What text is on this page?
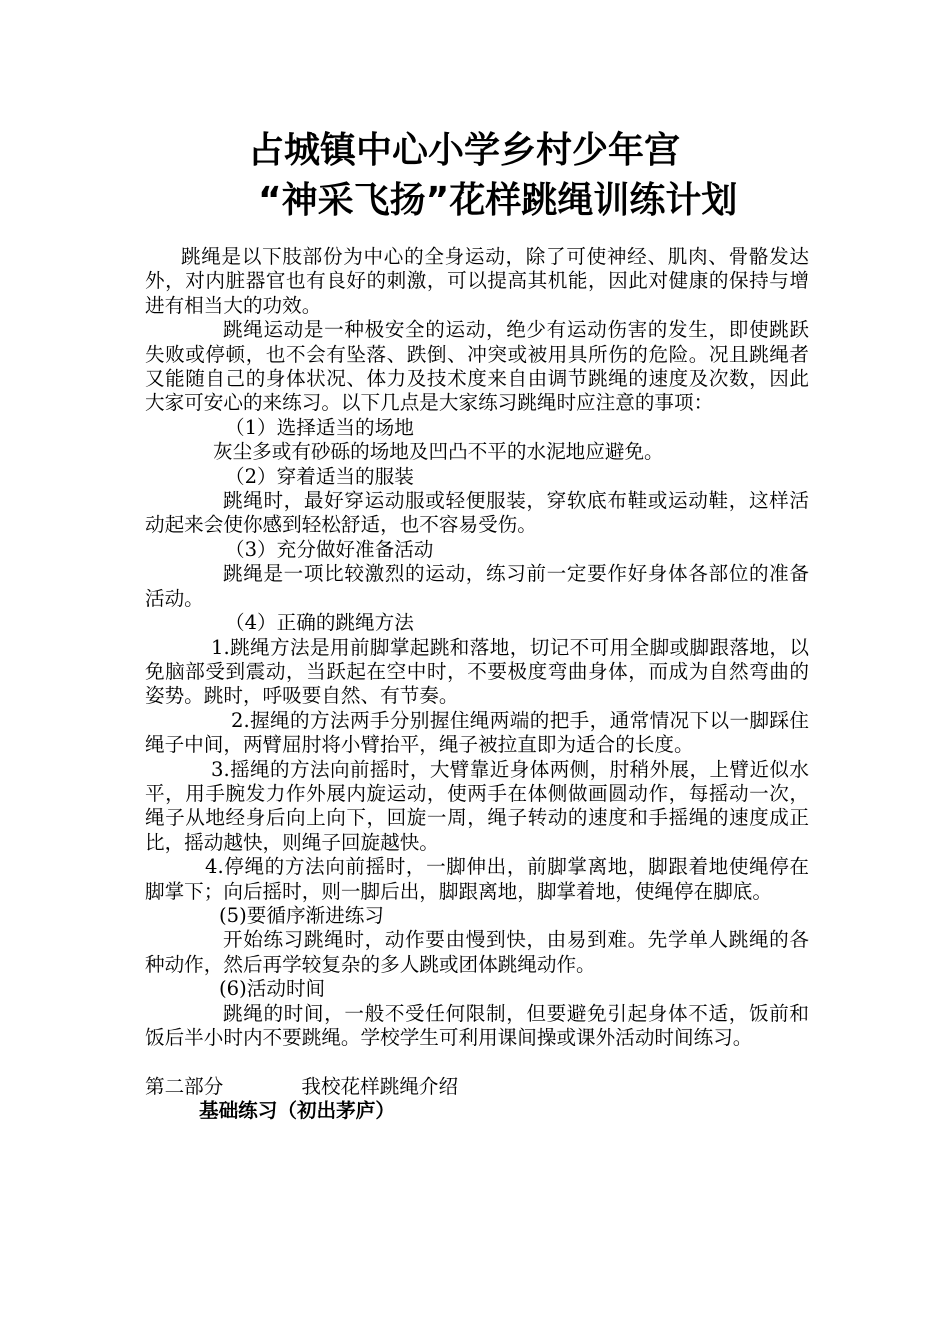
占城镇中心小学乡村少年宫
“神采飞扬”花样跳绳训练计划

跳绳是以下肢部份为中心的全身运动，除了可使神经、肌肉、骨骼发达外，对内脏器官也有良好的刺激，可以提高其机能，因此对健康的保持与增进有相当大的功效。

跳绳运动是一种极安全的运动，绝少有运动伤害的发生，即使跳跃失败或停顿，也不会有坠落、跌倒、冲突或被用具所伤的危险。况且跳绳者又能随自己的身体状况、体力及技术度来自由调节跳绳的速度及次数，因此大家可安心的来练习。以下几点是大家练习跳绳时应注意的事项：

（1）选择适当的场地

灰尘多或有砂砾的场地及凹凸不平的水泥地应避免。

（2）穿着适当的服装

跳绳时，最好穿运动服或轻便服装，穿软底布鞋或运动鞋，这样活动起来会使你感到轻松舒适，也不容易受伤。

（3）充分做好准备活动

跳绳是一项比较激烈的运动，练习前一定要作好身体各部位的准备活动。

（4）正确的跳绳方法

1.跳绳方法是用前脚掌起跳和落地，切记不可用全脚或脚跟落地，以免脑部受到震动，当跃起在空中时，不要极度弯曲身体，而成为自然弯曲的姿势。跳时，呼吸要自然、有节奏。

2.握绳的方法两手分别握住绳两端的把手，通常情况下以一脚踩住绳子中间，两臂屈肘将小臂抬平，绳子被拉直即为适合的长度。

3.摇绳的方法向前摇时，大臂靠近身体两侧，肘稍外展，上臂近似水平，用手腕发力作外展内旋运动，使两手在体侧做画圆动作，每摇动一次，绳子从地经身后向上向下，回旋一周，绳子转动的速度和手摇绳的速度成正比，摇动越快，则绳子回旋越快。

4.停绳的方法向前摇时，一脚伸出，前脚掌离地，脚跟着地使绳停在脚掌下；向后摇时，则一脚后出，脚跟离地，脚掌着地，使绳停在脚底。

(5)要循序渐进练习

开始练习跳绳时，动作要由慢到快，由易到难。先学单人跳绳的各种动作，然后再学较复杂的多人跳或团体跳绳动作。

(6)活动时间

跳绳的时间，一般不受任何限制，但要避免引起身体不适，饭前和饭后半小时内不要跳绳。学校学生可利用课间操或课外活动时间练习。

第二部分	我校花样跳绳介绍

基础练习（初出茅庐）
